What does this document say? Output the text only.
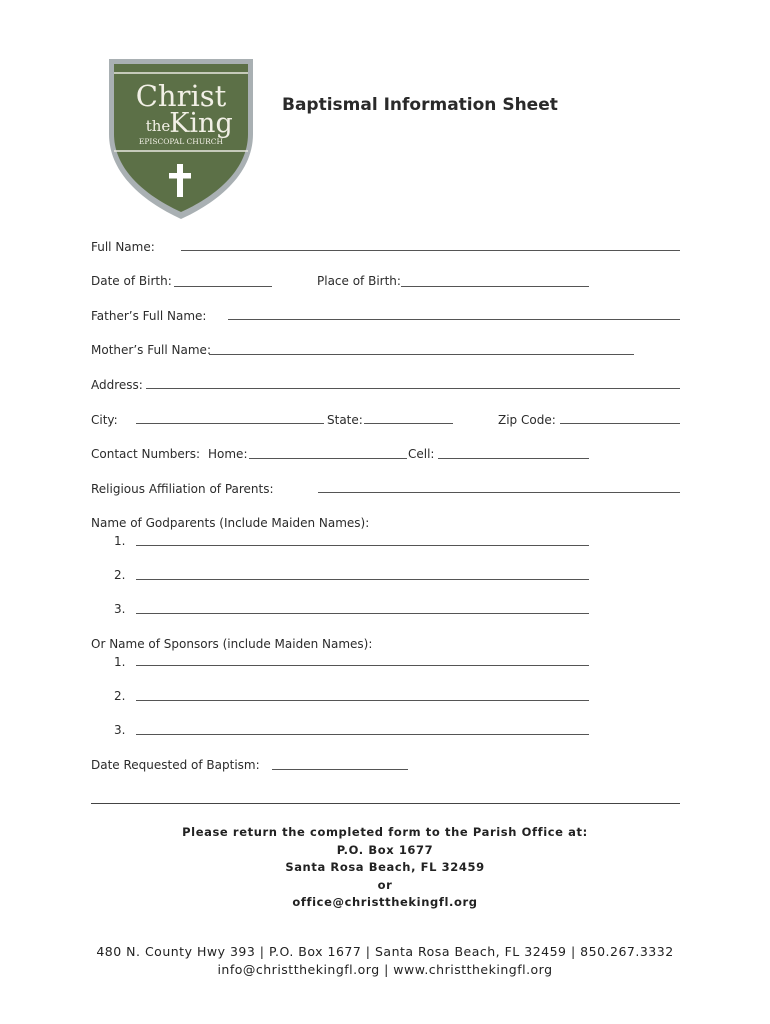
Christ
the
King
EPISCOPAL CHURCH
Baptismal Information Sheet
Full Name:
Date of Birth:	Place of Birth:
Father’s Full Name:
Mother’s Full Name:
Address:
City:	State:	Zip Code:
Contact Numbers: Home:	Cell:
Religious Affiliation of Parents:
Name of Godparents (Include Maiden Names):
1.
2.
3.
Or Name of Sponsors (include Maiden Names):
1.
2.
3.
Date Requested of Baptism:
Please return the completed form to the Parish Office at:
P.O. Box 1677
Santa Rosa Beach, FL 32459
or
office@christthekingfl.org
480 N. County Hwy 393 | P.O. Box 1677 | Santa Rosa Beach, FL 32459 | 850.267.3332
info@christthekingfl.org | www.christthekingfl.org
